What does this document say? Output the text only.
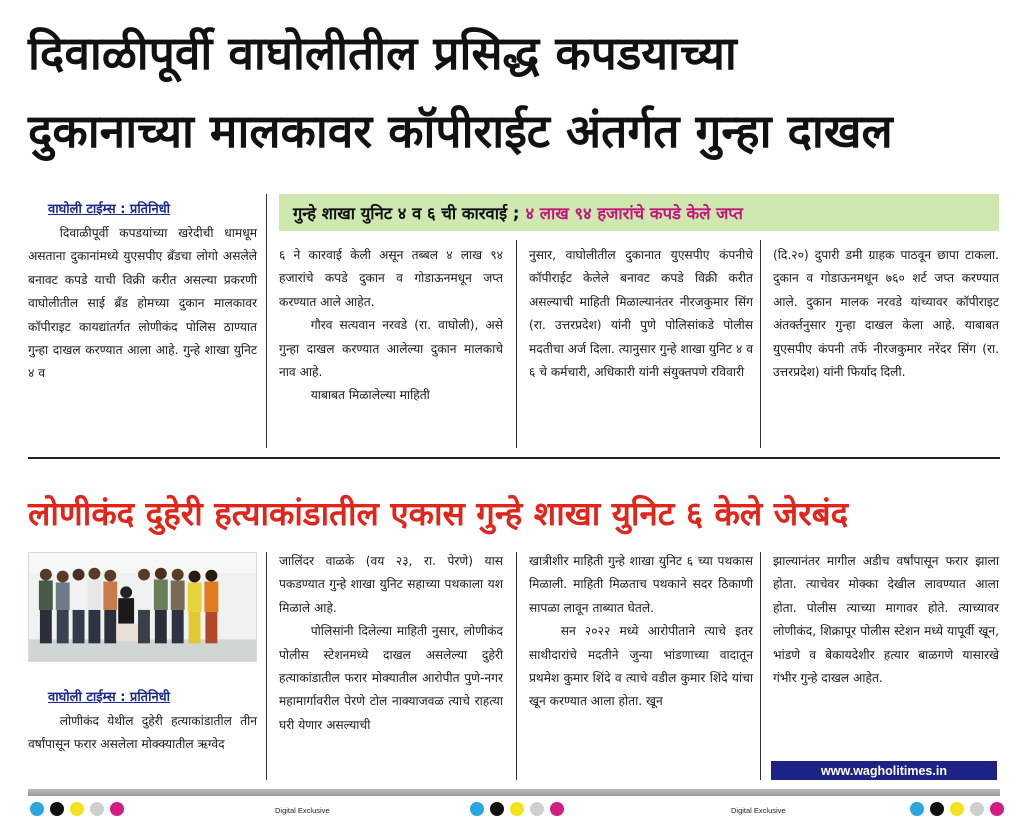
दिवाळीपूर्वी वाघोलीतील प्रसिद्ध कपडयाच्या
दुकानाच्या मालकावर कॉपीराईट अंतर्गत गुन्हा दाखल
वाघोली टाईम्स : प्रतिनिधी	गुन्हे शाखा युनिट ४ व ६ ची कारवाई ; ४ लाख ९४ हजारांचे कपडे केले जप्त

दिवाळीपूर्वी कपडयांच्या खरेदीची धामधूम असताना दुकानांमध्ये युएसपीए ब्रँडचा लोगो असलेले बनावट कपडे याची विक्री करीत असल्या प्रकरणी वाघोलीतील साई ब्रँड होमच्या दुकान मालकावर कॉपीराइट कायद्यांतर्गत लोणीकंद पोलिस ठाण्यात गुन्हा दाखल करण्यात आला आहे. गुन्हे शाखा युनिट ४ व

६ ने कारवाई केली असून तब्बल ४ लाख ९४ हजारांचे कपडे दुकान व गोडाऊनमधून जप्त करण्यात आले आहेत.

गौरव सत्यवान नरवडे (रा. वाघोली), असे गुन्हा दाखल करण्यात आलेल्या दुकान मालकाचे नाव आहे.

याबाबत मिळालेल्या माहिती

नुसार, वाघोलीतील दुकानात युएसपीए कंपनीचे कॉपीराईट केलेले बनावट कपडे विक्री करीत असल्याची माहिती मिळाल्यानंतर नीरजकुमार सिंग (रा. उत्तरप्रदेश) यांनी पुणे पोलिसांकडे पोलीस मदतीचा अर्ज दिला. त्यानुसार गुन्हे शाखा युनिट ४ व ६ चे कर्मचारी, अधिकारी यांनी संयुक्तपणे रविवारी

(दि.२०) दुपारी डमी ग्राहक पाठवून छापा टाकला. दुकान व गोडाऊनमधून ७६० शर्ट जप्त करण्यात आले. दुकान मालक नरवडे यांच्यावर कॉपीराइट अंतर्क्तनुसार गुन्हा दाखल केला आहे. याबाबत युएसपीए कंपनी तर्फे नीरजकुमार नरेंदर सिंग (रा. उत्तरप्रदेश) यांनी फिर्याद दिली.

लोणीकंद दुहेरी हत्याकांडातील एकास गुन्हे शाखा युनिट ६ केले जेरबंद
वाघोली टाईम्स : प्रतिनिधी

लोणीकंद येथील दुहेरी हत्याकांडातील तीन वर्षांपासून फरार असलेला मोक्क्यातील ऋग्वेद

जालिंदर वाळके (वय २३, रा. पेरणे) यास पकडण्यात गुन्हे शाखा युनिट सहाच्या पथकाला यश मिळाले आहे.

पोलिसांनी दिलेल्या माहिती नुसार, लोणीकंद पोलीस स्टेशनमध्ये दाखल असलेल्या दुहेरी हत्याकांडातील फरार मोक्यातील आरोपीत पुणे-नगर महामार्गावरील पेरणे टोल नाक्याजवळ त्याचे राहत्या घरी येणार असल्याची

खात्रीशीर माहिती गुन्हे शाखा युनिट ६ च्या पथकास मिळाली. माहिती मिळताच पथकाने सदर ठिकाणी सापळा लावून ताब्यात घेतले.

सन २०२२ मध्ये आरोपीताने त्याचे इतर साथीदारांचे मदतीने जुन्या भांडणाच्या वादातून प्रथमेश कुमार शिंदे व त्याचे वडील कुमार शिंदे यांचा खून करण्यात आला होता. खून

झाल्यानंतर मागील अडीच वर्षांपासून फरार झाला होता. त्याचेवर मोक्का देखील लावण्यात आला होता. पोलीस त्याच्या मागावर होते. त्याच्यावर लोणीकंद, शिक्रापूर पोलीस स्टेशन मध्ये यापूर्वी खून, भांडणे व बेकायदेशीर हत्यार बाळगणे यासारखे गंभीर गुन्हे दाखल आहेत.

www.wagholitimes.in
Digital Exclusive	Digital Exclusive
